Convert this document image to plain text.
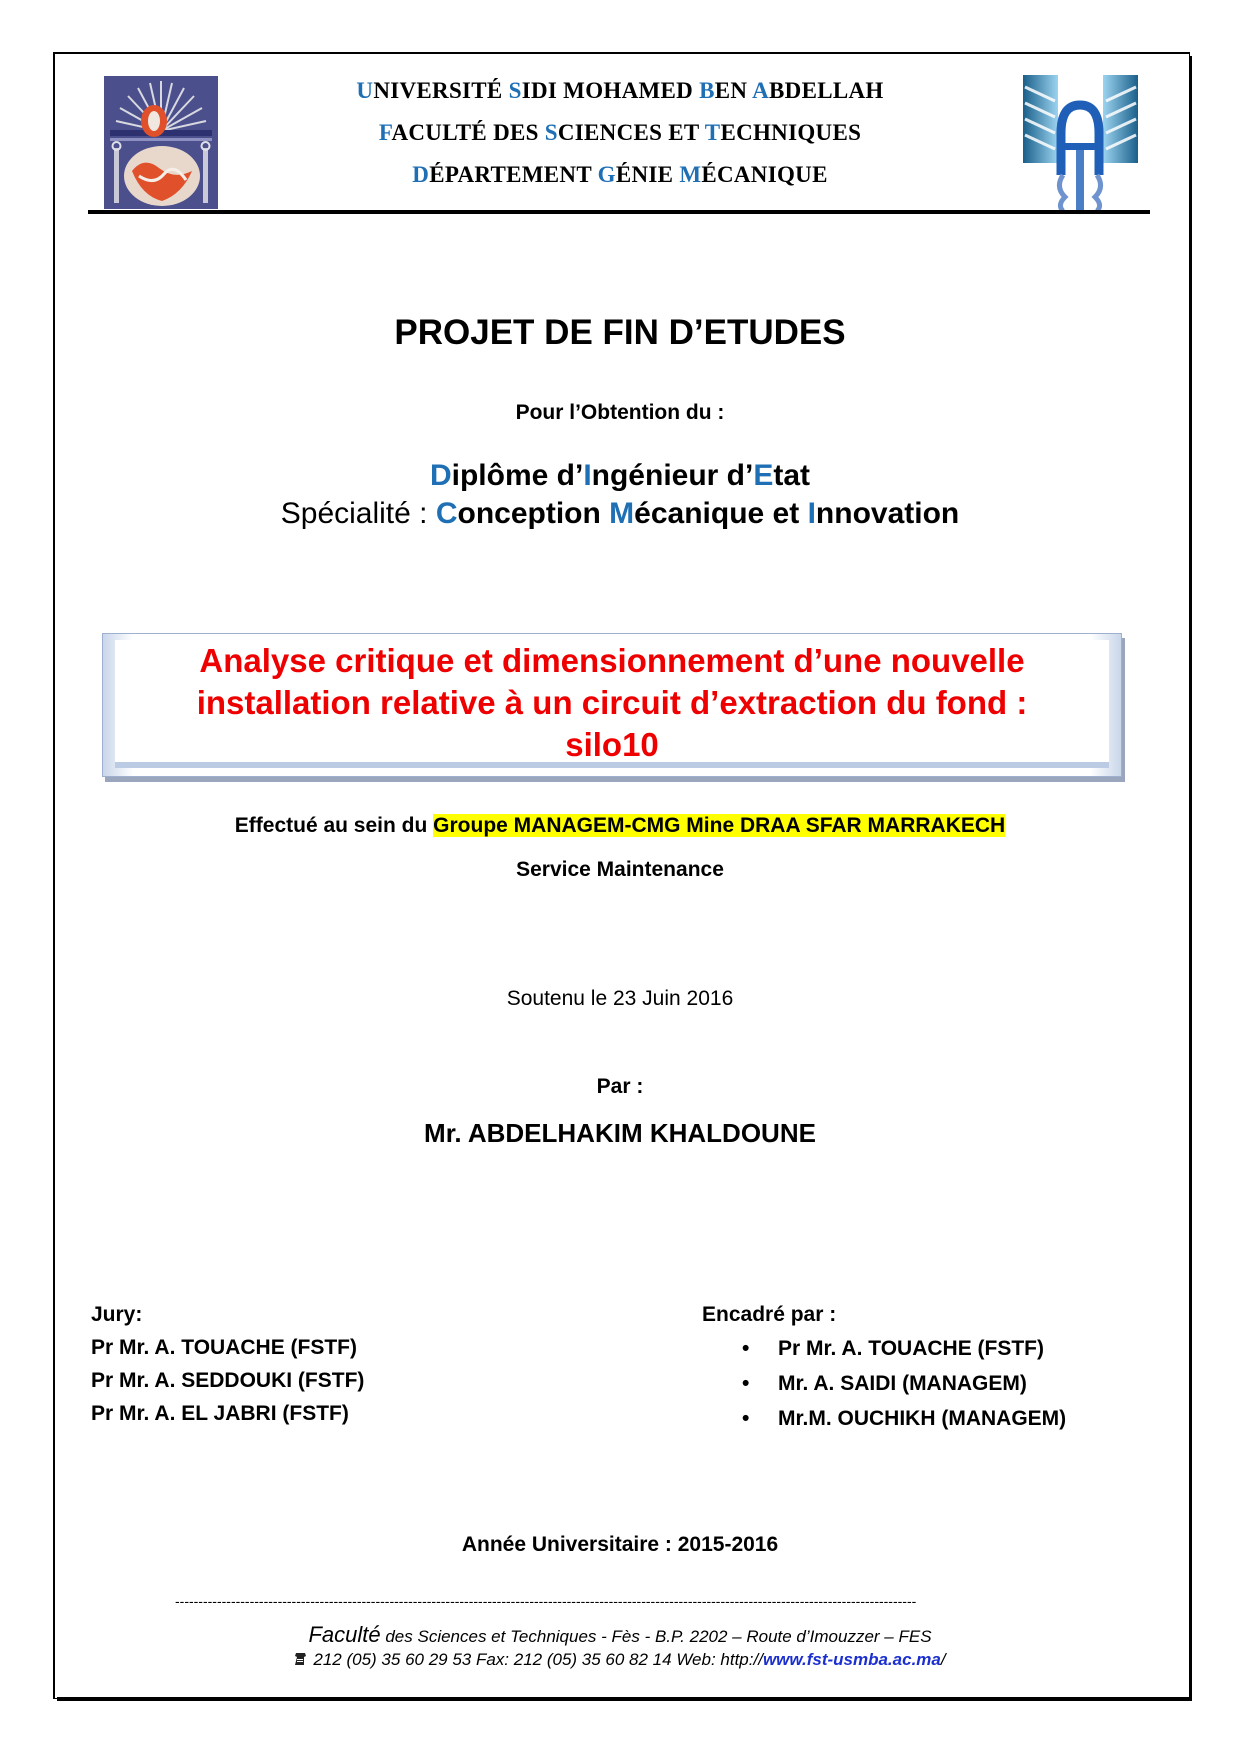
UNIVERSITÉ SIDI MOHAMED BEN ABDELLAH
FACULTÉ DES SCIENCES ET TECHNIQUES
DÉPARTEMENT GÉNIE MÉCANIQUE
PROJET DE FIN D’ETUDES
Pour l’Obtention du :
Diplôme d’Ingénieur d’Etat
Spécialité : Conception Mécanique et Innovation
Analyse critique et dimensionnement d’une nouvelle
installation relative à un circuit d’extraction du fond :
silo10
Effectué au sein du Groupe MANAGEM-CMG Mine DRAA SFAR MARRAKECH
Service Maintenance
Soutenu le 23 Juin 2016
Par :
Mr. ABDELHAKIM KHALDOUNE
Jury:
Pr Mr. A. TOUACHE (FSTF)
Pr Mr. A. SEDDOUKI (FSTF)
Pr Mr. A. EL JABRI (FSTF)
Encadré par :
• Pr Mr. A. TOUACHE (FSTF)
• Mr. A. SAIDI (MANAGEM)
• Mr.M. OUCHIKH (MANAGEM)
Année Universitaire : 2015-2016
---------------------------------------------------------------------------------------------------------------------------------------------------------------
Faculté des Sciences et Techniques - Fès - B.P. 2202 – Route d’Imouzzer – FES
212 (05) 35 60 29 53 Fax: 212 (05) 35 60 82 14 Web: http://www.fst-usmba.ac.ma/
